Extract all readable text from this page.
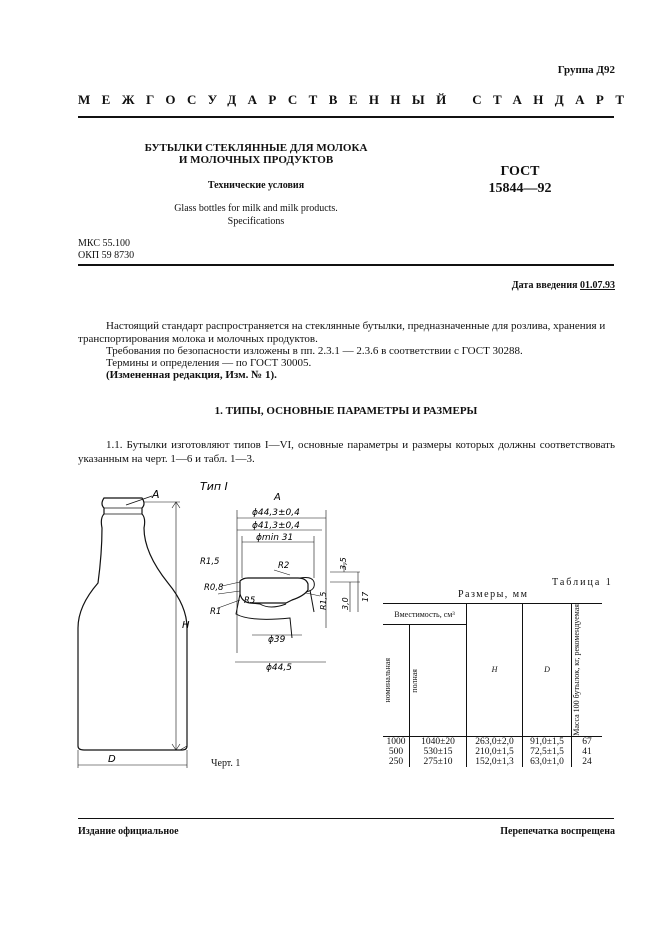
Группа Д92
МЕЖГОСУДАРСТВЕННЫЙ СТАНДАРТ
БУТЫЛКИ СТЕКЛЯННЫЕ ДЛЯ МОЛОКА
И МОЛОЧНЫХ ПРОДУКТОВ
Технические условия
Glass bottles for milk and milk products.
Specifications
ГОСТ
15844—92
МКС 55.100
ОКП 59 8730
Дата введения 01.07.93
Настоящий стандарт распространяется на стеклянные бутылки, предназначенные для розлива, хранения и транспортирования молока и молочных продуктов.
Требования по безопасности изложены в пп. 2.3.1 — 2.3.6 в соответствии с ГОСТ 30288.
Термины и определения — по ГОСТ 30005.
(Измененная редакция, Изм. № 1).
1. ТИПЫ, ОСНОВНЫЕ ПАРАМЕТРЫ И РАЗМЕРЫ
1.1. Бутылки изготовляют типов I—VI, основные параметры и размеры которых должны соответствовать указанным на черт. 1—6 и табл. 1—3.
А
H
D
Тип I
А
ϕ44,3±0,4
ϕ41,3±0,4
ϕmin 31
R1,5	R2
R0,8
R5
R1
ϕ39
ϕ44,5
3,5
R1,5 3,0
17
Черт. 1
Таблица 1
Размеры, мм
Вместимость, см³		H	D	Масса 100 бутылок, кг, рекомендуемая

номинальная	полная			

1000	1040±20	263,0±2,0	91,0±1,5	67
500	530±15	210,0±1,5	72,5±1,5	41
250	275±10	152,0±1,3	63,0±1,0	24
Издание официальное	Перепечатка воспрещена
